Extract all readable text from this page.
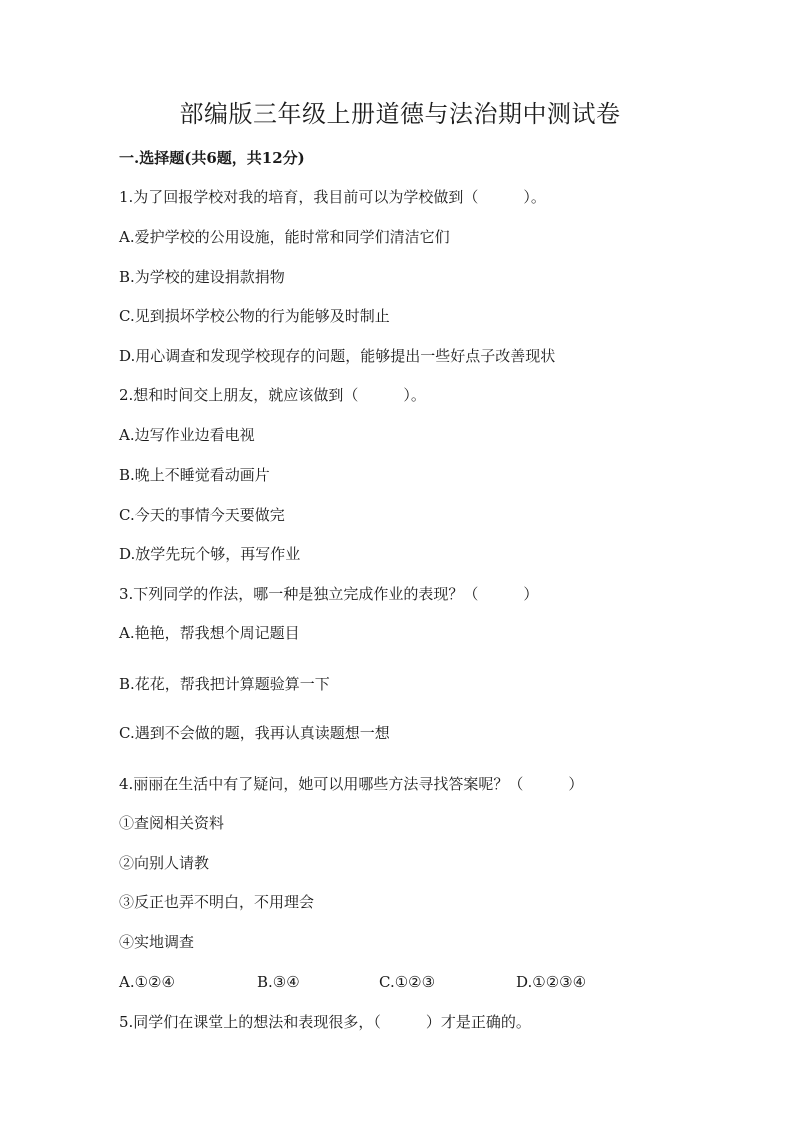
部编版三年级上册道德与法治期中测试卷
一.选择题(共6题，共12分)
1.为了回报学校对我的培育，我目前可以为学校做到（　　　）。
A.爱护学校的公用设施，能时常和同学们清洁它们
B.为学校的建设捐款捐物
C.见到损坏学校公物的行为能够及时制止
D.用心调查和发现学校现存的问题，能够提出一些好点子改善现状
2.想和时间交上朋友，就应该做到（　　　）。
A.边写作业边看电视
B.晚上不睡觉看动画片
C.今天的事情今天要做完
D.放学先玩个够，再写作业
3.下列同学的作法，哪一种是独立完成作业的表现？（　　　）
A.艳艳，帮我想个周记题目
B.花花，帮我把计算题验算一下
C.遇到不会做的题，我再认真读题想一想
4.丽丽在生活中有了疑问，她可以用哪些方法寻找答案呢？（　　　）
①查阅相关资料
②向别人请教
③反正也弄不明白，不用理会
④实地调查
A.①②④	B.③④	C.①②③	D.①②③④
5.同学们在课堂上的想法和表现很多，（　　　）才是正确的。
